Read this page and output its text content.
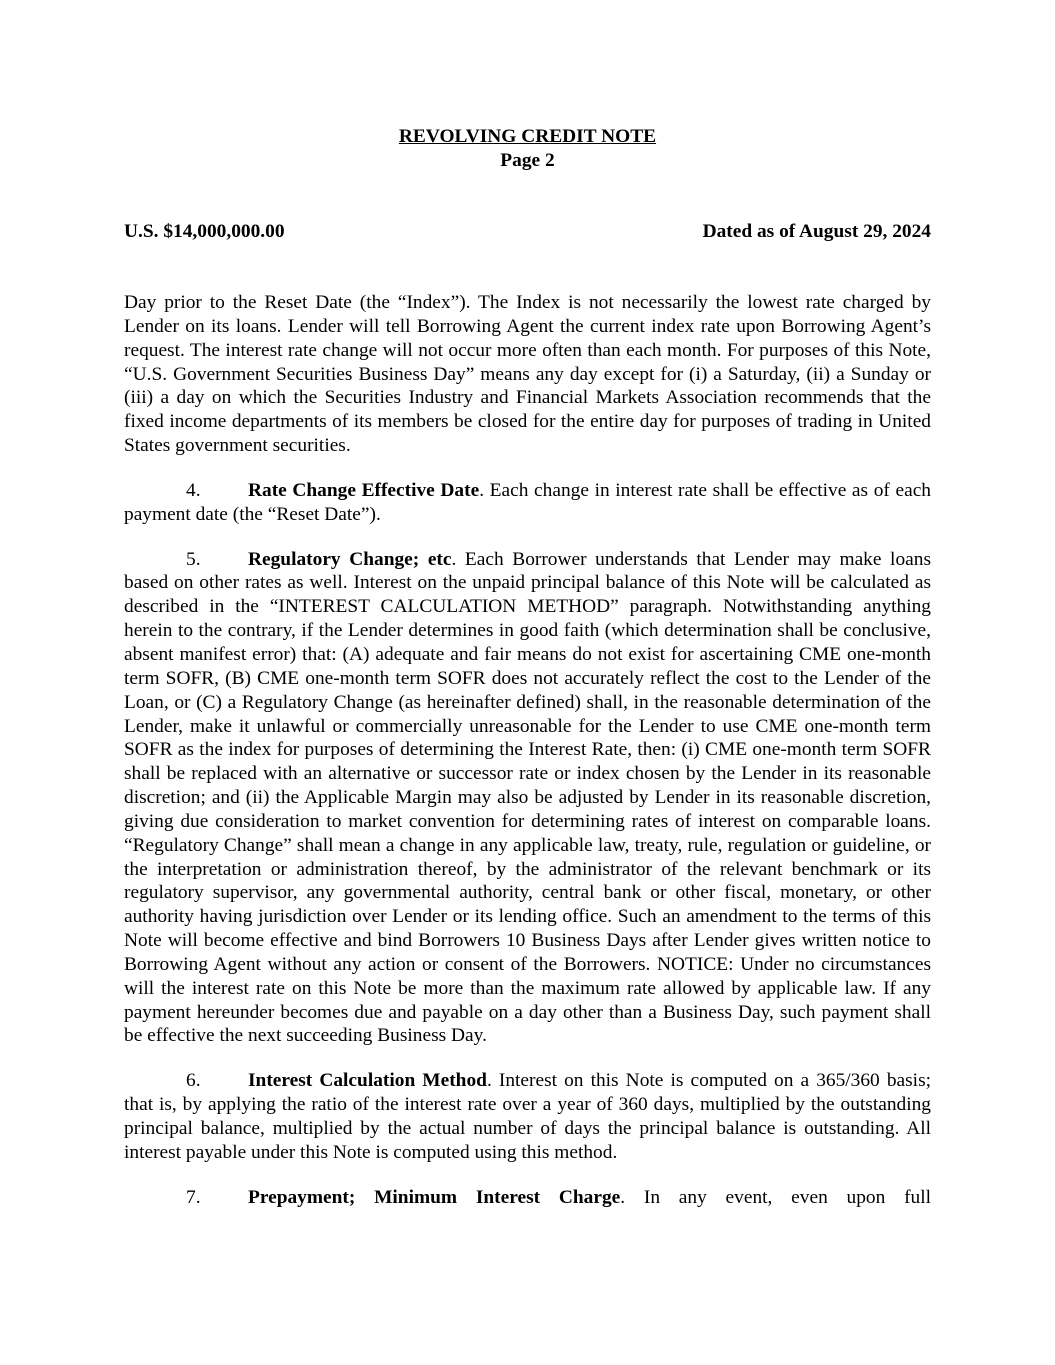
REVOLVING CREDIT NOTE
Page 2
U.S. $14,000,000.00	Dated as of August 29, 2024

Day prior to the Reset Date (the “Index”). The Index is not necessarily the lowest rate charged by Lender on its loans. Lender will tell Borrowing Agent the current index rate upon Borrowing Agent’s request. The interest rate change will not occur more often than each month. For purposes of this Note, “U.S. Government Securities Business Day” means any day except for (i) a Saturday, (ii) a Sunday or (iii) a day on which the Securities Industry and Financial Markets Association recommends that the fixed income departments of its members be closed for the entire day for purposes of trading in United States government securities.

4. Rate Change Effective Date. Each change in interest rate shall be effective as of each payment date (the “Reset Date”).

5. Regulatory Change; etc. Each Borrower understands that Lender may make loans based on other rates as well. Interest on the unpaid principal balance of this Note will be calculated as described in the “INTEREST CALCULATION METHOD” paragraph. Notwithstanding anything herein to the contrary, if the Lender determines in good faith (which determination shall be conclusive, absent manifest error) that: (A) adequate and fair means do not exist for ascertaining CME one-month term SOFR, (B) CME one-month term SOFR does not accurately reflect the cost to the Lender of the Loan, or (C) a Regulatory Change (as hereinafter defined) shall, in the reasonable determination of the Lender, make it unlawful or commercially unreasonable for the Lender to use CME one-month term SOFR as the index for purposes of determining the Interest Rate, then: (i) CME one-month term SOFR shall be replaced with an alternative or successor rate or index chosen by the Lender in its reasonable discretion; and (ii) the Applicable Margin may also be adjusted by Lender in its reasonable discretion, giving due consideration to market convention for determining rates of interest on comparable loans. “Regulatory Change” shall mean a change in any applicable law, treaty, rule, regulation or guideline, or the interpretation or administration thereof, by the administrator of the relevant benchmark or its regulatory supervisor, any governmental authority, central bank or other fiscal, monetary, or other authority having jurisdiction over Lender or its lending office. Such an amendment to the terms of this Note will become effective and bind Borrowers 10 Business Days after Lender gives written notice to Borrowing Agent without any action or consent of the Borrowers. NOTICE: Under no circumstances will the interest rate on this Note be more than the maximum rate allowed by applicable law. If any payment hereunder becomes due and payable on a day other than a Business Day, such payment shall be effective the next succeeding Business Day.

6. Interest Calculation Method. Interest on this Note is computed on a 365/360 basis; that is, by applying the ratio of the interest rate over a year of 360 days, multiplied by the outstanding principal balance, multiplied by the actual number of days the principal balance is outstanding. All interest payable under this Note is computed using this method.

7. Prepayment; Minimum Interest Charge. In any event, even upon full
